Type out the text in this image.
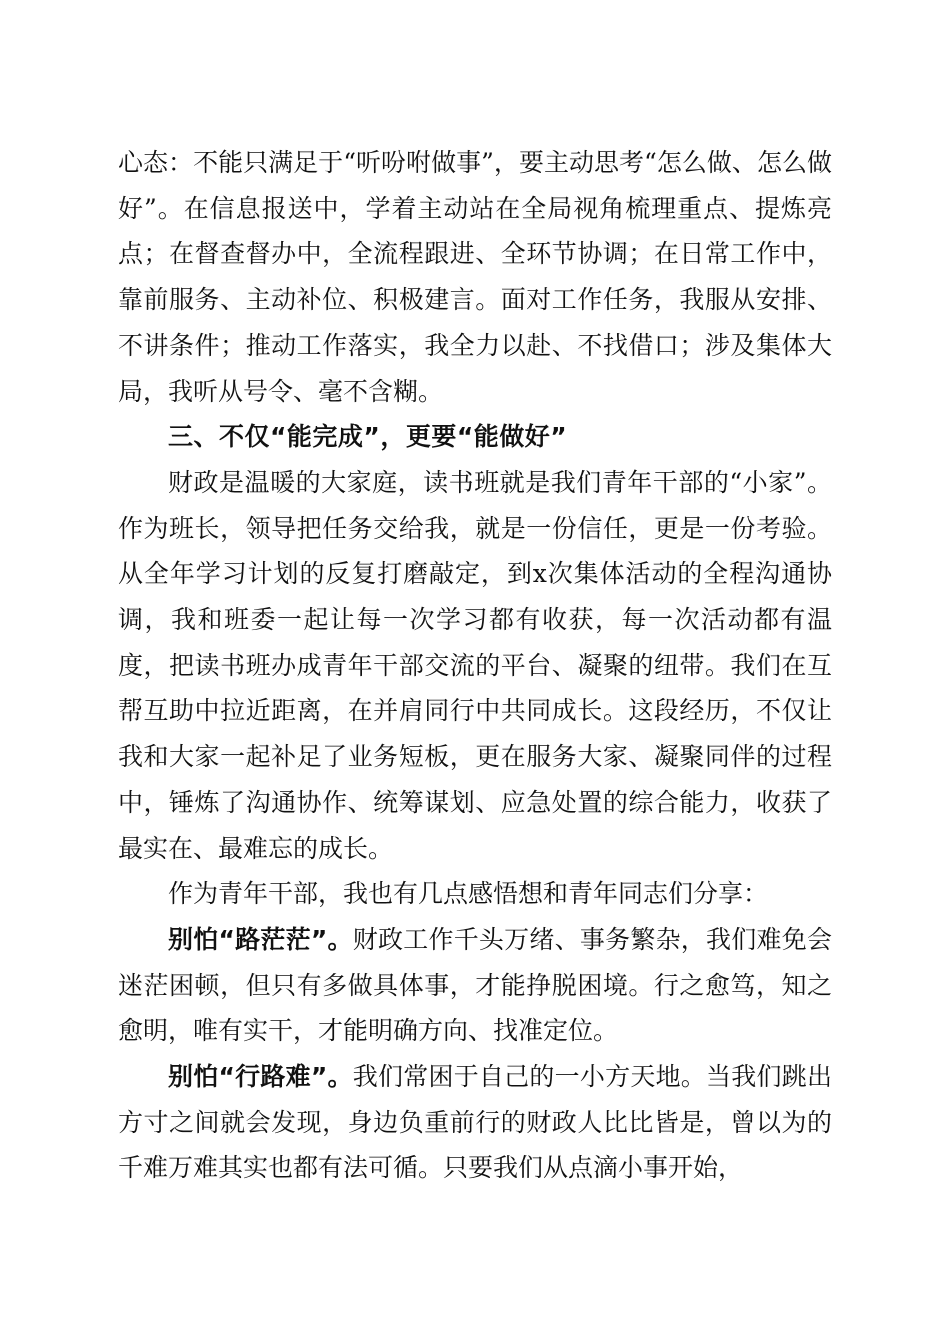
心态：不能只满足于“听吩咐做事”，要主动思考“怎么做、怎么做好”。在信息报送中，学着主动站在全局视角梳理重点、提炼亮点；在督查督办中，全流程跟进、全环节协调；在日常工作中，靠前服务、主动补位、积极建言。面对工作任务，我服从安排、不讲条件；推动工作落实，我全力以赴、不找借口；涉及集体大局，我听从号令、毫不含糊。

三、不仅“能完成”，更要“能做好”

财政是温暖的大家庭，读书班就是我们青年干部的“小家”。作为班长，领导把任务交给我，就是一份信任，更是一份考验。从全年学习计划的反复打磨敲定，到x次集体活动的全程沟通协调，我和班委一起让每一次学习都有收获，每一次活动都有温度，把读书班办成青年干部交流的平台、凝聚的纽带。我们在互帮互助中拉近距离，在并肩同行中共同成长。这段经历，不仅让我和大家一起补足了业务短板，更在服务大家、凝聚同伴的过程中，锤炼了沟通协作、统筹谋划、应急处置的综合能力，收获了最实在、最难忘的成长。

作为青年干部，我也有几点感悟想和青年同志们分享：

别怕“路茫茫”。财政工作千头万绪、事务繁杂，我们难免会迷茫困顿，但只有多做具体事，才能挣脱困境。行之愈笃，知之愈明，唯有实干，才能明确方向、找准定位。

别怕“行路难”。我们常困于自己的一小方天地。当我们跳出方寸之间就会发现，身边负重前行的财政人比比皆是，曾以为的千难万难其实也都有法可循。只要我们从点滴小事开始，
